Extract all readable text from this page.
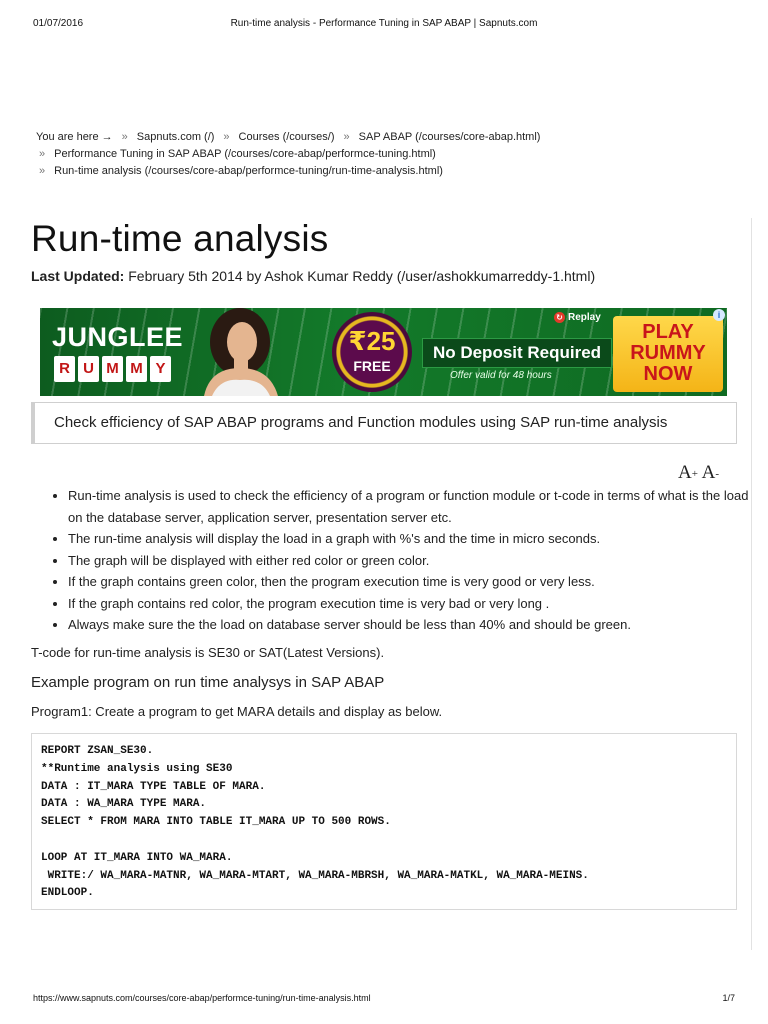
01/07/2016	Run-time analysis - Performance Tuning in SAP ABAP | Sapnuts.com
You are here → » Sapnuts.com (/) » Courses (/courses/) » SAP ABAP (/courses/core-abap.html)
» Performance Tuning in SAP ABAP (/courses/core-abap/performce-tuning.html)
» Run-time analysis (/courses/core-abap/performce-tuning/run-time-analysis.html)
Run-time analysis
Last Updated: February 5th 2014 by Ashok Kumar Reddy (/user/ashokkumarreddy-1.html)
JUNGLEE
R U M M Y
₹25
FREE
↻ Replay
No Deposit Required
Offer valid for 48 hours
PLAY
RUMMY
NOW
i
Check efficiency of SAP ABAP programs and Function modules using SAP run-time analysis
$A_+$ $A_-$
• Run-time analysis is used to check the efficiency of a program or function module or t-code in terms of what is the load on the database server, application server, presentation server etc.
• The run-time analysis will display the load in a graph with %'s and the time in micro seconds.
• The graph will be displayed with either red color or green color.
• If the graph contains green color, then the program execution time is very good or very less.
• If the graph contains red color, the program execution time is very bad or very long .
• Always make sure the the load on database server should be less than 40% and should be green.

T-code for run-time analysis is SE30 or SAT(Latest Versions).

Example program on run time analysys in SAP ABAP

Program1: Create a program to get MARA details and display as below.

REPORT ZSAN_SE30.
**Runtime analysis using SE30
DATA : IT_MARA TYPE TABLE OF MARA.
DATA : WA_MARA TYPE MARA.
SELECT * FROM MARA INTO TABLE IT_MARA UP TO 500 ROWS.
LOOP AT IT_MARA INTO WA_MARA.
WRITE:/ WA_MARA-MATNR, WA_MARA-MTART, WA_MARA-MBRSH, WA_MARA-MATKL, WA_MARA-MEINS.
ENDLOOP.
https://www.sapnuts.com/courses/core-abap/performce-tuning/run-time-analysis.html	1/7
